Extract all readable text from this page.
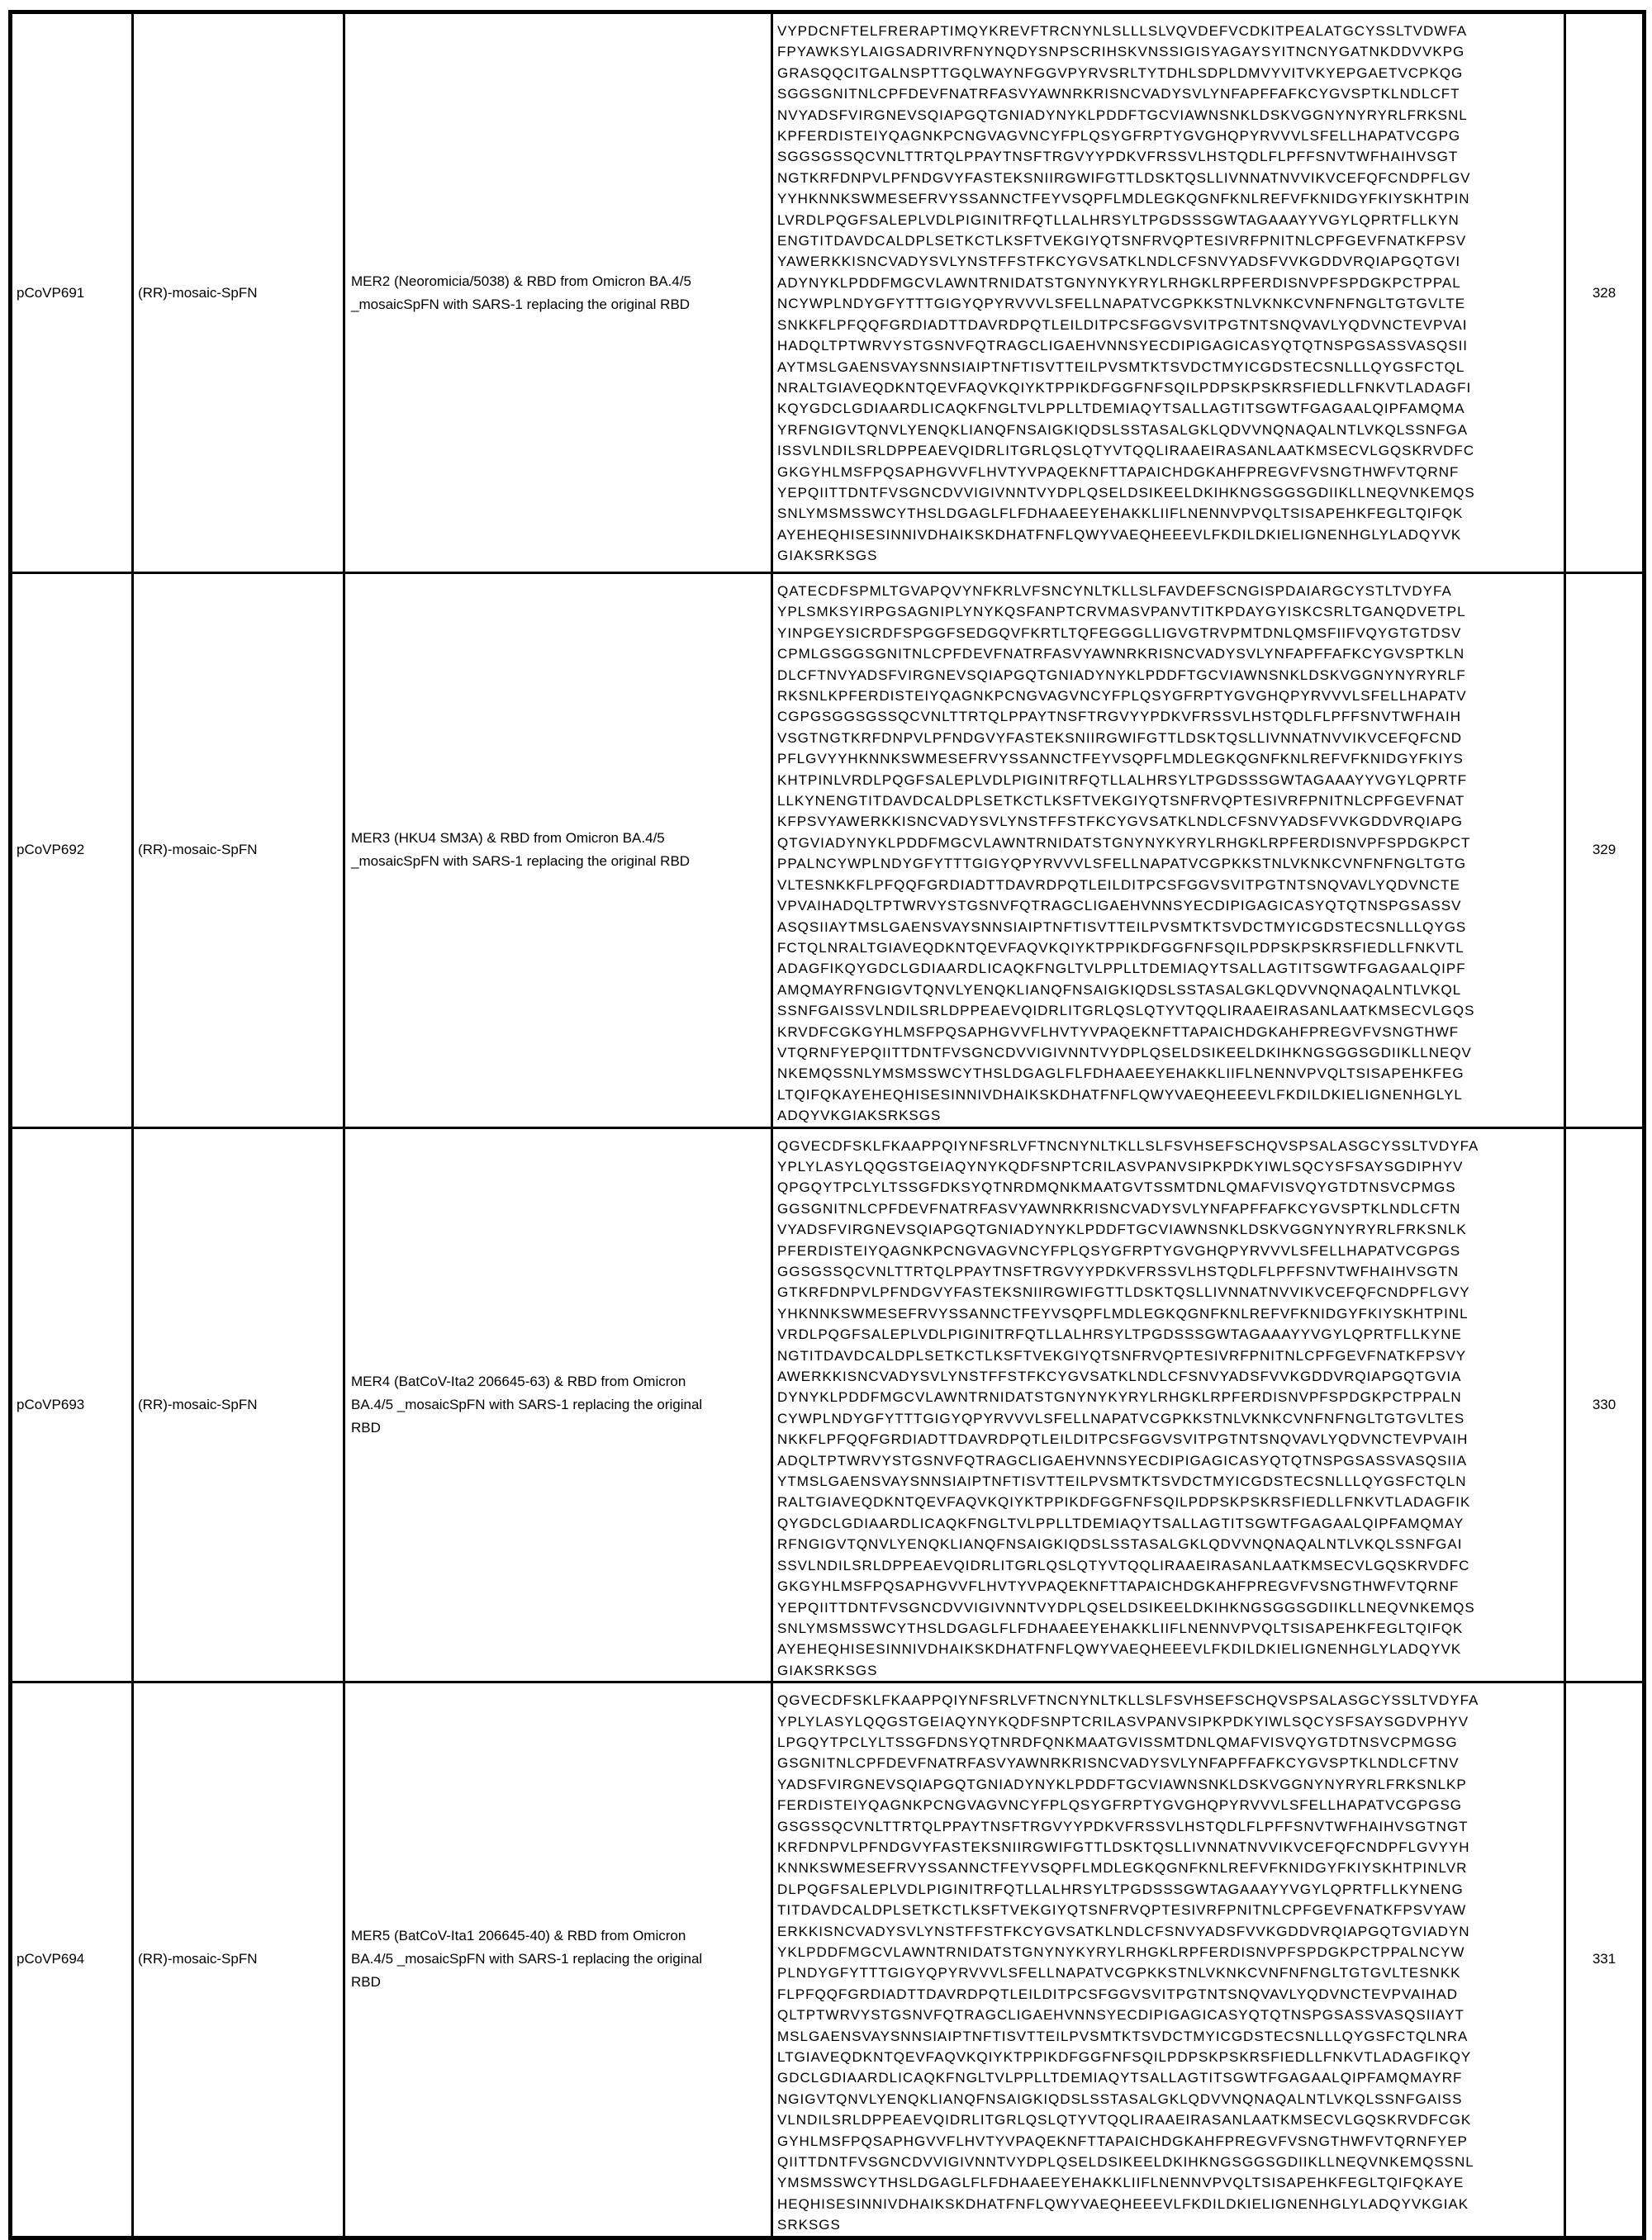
pCoVP691	(RR)-mosaic-SpFN	MER2 (Neoromicia/5038) & RBD from Omicron BA.4/5 _mosaicSpFN with SARS-1 replacing the original RBD	VYPDCNFTELFRERAPTIMQYKREVFTRCNYNLSLLLSLVQVDEFVCDKITPEALATGCYSSLTVDWFA
FPYAWKSYLAIGSADRIVRFNYNQDYSNPSCRIHSKVNSSIGISYAGAYSYITNCNYGATNKDDVVKPG
GRASQQCITGALNSPTTGQLWAYNFGGVPYRVSRLTYTDHLSDPLDMVYVITVKYEPGAETVCPKQG
SGGSGNITNLCPFDEVFNATRFASVYAWNRKRISNCVADYSVLYNFAPFFAFKCYGVSPTKLNDLCFT
NVYADSFVIRGNEVSQIAPGQTGNIADYNYKLPDDFTGCVIAWNSNKLDSKVGGNYNYRYRLFRKSNL
KPFERDISTEIYQAGNKPCNGVAGVNCYFPLQSYGFRPTYGVGHQPYRVVVLSFELLHAPATVCGPG
SGGSGSSQCVNLTTRTQLPPAYTNSFTRGVYYPDKVFRSSVLHSTQDLFLPFFSNVTWFHAIHVSGT
NGTKRFDNPVLPFNDGVYFASTEKSNIIRGWIFGTTLDSKTQSLLIVNNATNVVIKVCEFQFCNDPFLGV
YYHKNNKSWMESEFRVYSSANNCTFEYVSQPFLMDLEGKQGNFKNLREFVFKNIDGYFKIYSKHTPIN
LVRDLPQGFSALEPLVDLPIGINITRFQTLLALHRSYLTPGDSSSGWTAGAAAYYVGYLQPRTFLLKYN
ENGTITDAVDCALDPLSETKCTLKSFTVEKGIYQTSNFRVQPTESIVRFPNITNLCPFGEVFNATKFPSV
YAWERKKISNCVADYSVLYNSTFFSTFKCYGVSATKLNDLCFSNVYADSFVVKGDDVRQIAPGQTGVI
ADYNYKLPDDFMGCVLAWNTRNIDATSTGNYNYKYRYLRHGKLRPFERDISNVPFSPDGKPCTPPAL
NCYWPLNDYGFYTTTGIGYQPYRVVVLSFELLNAPATVCGPKKSTNLVKNKCVNFNFNGLTGTGVLTE
SNKKFLPFQQFGRDIADTTDAVRDPQTLEILDITPCSFGGVSVITPGTNTSNQVAVLYQDVNCTEVPVAI
HADQLTPTWRVYSTGSNVFQTRAGCLIGAEHVNNSYECDIPIGAGICASYQTQTNSPGSASSVASQSII
AYTMSLGAENSVAYSNNSIAIPTNFTISVTTEILPVSMTKTSVDCTMYICGDSTECSNLLLQYGSFCTQL
NRALTGIAVEQDKNTQEVFAQVKQIYKTPPIKDFGGFNFSQILPDPSKPSKRSFIEDLLFNKVTLADAGFI
KQYGDCLGDIAARDLICAQKFNGLTVLPPLLTDEMIAQYTSALLAGTITSGWTFGAGAALQIPFAMQMA
YRFNGIGVTQNVLYENQKLIANQFNSAIGKIQDSLSSTASALGKLQDVVNQNAQALNTLVKQLSSNFGA
ISSVLNDILSRLDPPEAEVQIDRLITGRLQSLQTYVTQQLIRAAEIRASANLAATKMSECVLGQSKRVDFC
GKGYHLMSFPQSAPHGVVFLHVTYVPAQEKNFTTAPAICHDGKAHFPREGVFVSNGTHWFVTQRNF
YEPQIITTDNTFVSGNCDVVIGIVNNTVYDPLQSELDSIKEELDKIHKNGSGGSGDIIKLLNEQVNKEMQS
SNLYMSMSSWCYTHSLDGAGLFLFDHAAEEYEHAKKLIIFLNENNVPVQLTSISAPEHKFEGLTQIFQK
AYEHEQHISESINNIVDHAIKSKDHATFNFLQWYVAEQHEEEVLFKDILDKIELIGNENHGLYLADQYVK
GIAKSRKSGS	328
pCoVP692	(RR)-mosaic-SpFN	MER3 (HKU4 SM3A) & RBD from Omicron BA.4/5 _mosaicSpFN with SARS-1 replacing the original RBD	QATECDFSPMLTGVAPQVYNFKRLVFSNCYNLTKLLSLFAVDEFSCNGISPDAIARGCYSTLTVDYFA
YPLSMKSYIRPGSAGNIPLYNYKQSFANPTCRVMASVPANVTITKPDAYGYISKCSRLTGANQDVETPL
YINPGEYSICRDFSPGGFSEDGQVFKRTLTQFEGGGLLIGVGTRVPMTDNLQMSFIIFVQYGTGTDSV
CPMLGSGGSGNITNLCPFDEVFNATRFASVYAWNRKRISNCVADYSVLYNFAPFFAFKCYGVSPTKLN
DLCFTNVYADSFVIRGNEVSQIAPGQTGNIADYNYKLPDDFTGCVIAWNSNKLDSKVGGNYNYRYRLF
RKSNLKPFERDISTEIYQAGNKPCNGVAGVNCYFPLQSYGFRPTYGVGHQPYRVVVLSFELLHAPATV
CGPGSGGSGSSQCVNLTTRTQLPPAYTNSFTRGVYYPDKVFRSSVLHSTQDLFLPFFSNVTWFHAIH
VSGTNGTKRFDNPVLPFNDGVYFASTEKSNIIRGWIFGTTLDSKTQSLLIVNNATNVVIKVCEFQFCND
PFLGVYYHKNNKSWMESEFRVYSSANNCTFEYVSQPFLMDLEGKQGNFKNLREFVFKNIDGYFKIYS
KHTPINLVRDLPQGFSALEPLVDLPIGINITRFQTLLALHRSYLTPGDSSSGWTAGAAAYYVGYLQPRTF
LLKYNENGTITDAVDCALDPLSETKCTLKSFTVEKGIYQTSNFRVQPTESIVRFPNITNLCPFGEVFNAT
KFPSVYAWERKKISNCVADYSVLYNSTFFSTFKCYGVSATKLNDLCFSNVYADSFVVKGDDVRQIAPG
QTGVIADYNYKLPDDFMGCVLAWNTRNIDATSTGNYNYKYRYLRHGKLRPFERDISNVPFSPDGKPCT
PPALNCYWPLNDYGFYTTTGIGYQPYRVVVLSFELLNAPATVCGPKKSTNLVKNKCVNFNFNGLTGTG
VLTESNKKFLPFQQFGRDIADTTDAVRDPQTLEILDITPCSFGGVSVITPGTNTSNQVAVLYQDVNCTE
VPVAIHADQLTPTWRVYSTGSNVFQTRAGCLIGAEHVNNSYECDIPIGAGICASYQTQTNSPGSASSV
ASQSIIAYTMSLGAENSVAYSNNSIAIPTNFTISVTTEILPVSMTKTSVDCTMYICGDSTECSNLLLQYGS
FCTQLNRALTGIAVEQDKNTQEVFAQVKQIYKTPPIKDFGGFNFSQILPDPSKPSKRSFIEDLLFNKVTL
ADAGFIKQYGDCLGDIAARDLICAQKFNGLTVLPPLLTDEMIAQYTSALLAGTITSGWTFGAGAALQIPF
AMQMAYRFNGIGVTQNVLYENQKLIANQFNSAIGKIQDSLSSTASALGKLQDVVNQNAQALNTLVKQL
SSNFGAISSVLNDILSRLDPPEAEVQIDRLITGRLQSLQTYVTQQLIRAAEIRASANLAATKMSECVLGQS
KRVDFCGKGYHLMSFPQSAPHGVVFLHVTYVPAQEKNFTTAPAICHDGKAHFPREGVFVSNGTHWF
VTQRNFYEPQIITTDNTFVSGNCDVVIGIVNNTVYDPLQSELDSIKEELDKIHKNGSGGSGDIIKLLNEQV
NKEMQSSNLYMSMSSWCYTHSLDGAGLFLFDHAAEEYEHAKKLIIFLNENNVPVQLTSISAPEHKFEG
LTQIFQKAYEHEQHISESINNIVDHAIKSKDHATFNFLQWYVAEQHEEEVLFKDILDKIELIGNENHGLYL
ADQYVKGIAKSRKSGS	329
pCoVP693	(RR)-mosaic-SpFN	MER4 (BatCoV-Ita2 206645-63) & RBD from Omicron BA.4/5 _mosaicSpFN with SARS-1 replacing the original RBD	QGVECDFSKLFKAAPPQIYNFSRLVFTNCNYNLTKLLSLFSVHSEFSCHQVSPSALASGCYSSLTVDYFA
YPLYLASYLQQGSTGEIAQYNYKQDFSNPTCRILASVPANVSIPKPDKYIWLSQCYSFSAYSGDIPHYV
QPGQYTPCLYLTSSGFDKSYQTNRDMQNKMAATGVTSSMTDNLQMAFVISVQYGTDTNSVCPMGS
GGSGNITNLCPFDEVFNATRFASVYAWNRKRISNCVADYSVLYNFAPFFAFKCYGVSPTKLNDLCFTN
VYADSFVIRGNEVSQIAPGQTGNIADYNYKLPDDFTGCVIAWNSNKLDSKVGGNYNYRYRLFRKSNLK
PFERDISTEIYQAGNKPCNGVAGVNCYFPLQSYGFRPTYGVGHQPYRVVVLSFELLHAPATVCGPGS
GGSGSSQCVNLTTRTQLPPAYTNSFTRGVYYPDKVFRSSVLHSTQDLFLPFFSNVTWFHAIHVSGTN
GTKRFDNPVLPFNDGVYFASTEKSNIIRGWIFGTTLDSKTQSLLIVNNATNVVIKVCEFQFCNDPFLGVY
YHKNNKSWMESEFRVYSSANNCTFEYVSQPFLMDLEGKQGNFKNLREFVFKNIDGYFKIYSKHTPINL
VRDLPQGFSALEPLVDLPIGINITRFQTLLALHRSYLTPGDSSSGWTAGAAAYYVGYLQPRTFLLKYNE
NGTITDAVDCALDPLSETKCTLKSFTVEKGIYQTSNFRVQPTESIVRFPNITNLCPFGEVFNATKFPSVY
AWERKKISNCVADYSVLYNSTFFSTFKCYGVSATKLNDLCFSNVYADSFVVKGDDVRQIAPGQTGVIA
DYNYKLPDDFMGCVLAWNTRNIDATSTGNYNYKYRYLRHGKLRPFERDISNVPFSPDGKPCTPPALN
CYWPLNDYGFYTTTGIGYQPYRVVVLSFELLNAPATVCGPKKSTNLVKNKCVNFNFNGLTGTGVLTES
NKKFLPFQQFGRDIADTTDAVRDPQTLEILDITPCSFGGVSVITPGTNTSNQVAVLYQDVNCTEVPVAIH
ADQLTPTWRVYSTGSNVFQTRAGCLIGAEHVNNSYECDIPIGAGICASYQTQTNSPGSASSVASQSIIA
YTMSLGAENSVAYSNNSIAIPTNFTISVTTEILPVSMTKTSVDCTMYICGDSTECSNLLLQYGSFCTQLN
RALTGIAVEQDKNTQEVFAQVKQIYKTPPIKDFGGFNFSQILPDPSKPSKRSFIEDLLFNKVTLADAGFIK
QYGDCLGDIAARDLICAQKFNGLTVLPPLLTDEMIAQYTSALLAGTITSGWTFGAGAALQIPFAMQMAY
RFNGIGVTQNVLYENQKLIANQFNSAIGKIQDSLSSTASALGKLQDVVNQNAQALNTLVKQLSSNFGAI
SSVLNDILSRLDPPEAEVQIDRLITGRLQSLQTYVTQQLIRAAEIRASANLAATKMSECVLGQSKRVDFC
GKGYHLMSFPQSAPHGVVFLHVTYVPAQEKNFTTAPAICHDGKAHFPREGVFVSNGTHWFVTQRNF
YEPQIITTDNTFVSGNCDVVIGIVNNTVYDPLQSELDSIKEELDKIHKNGSGGSGDIIKLLNEQVNKEMQS
SNLYMSMSSWCYTHSLDGAGLFLFDHAAEEYEHAKKLIIFLNENNVPVQLTSISAPEHKFEGLTQIFQK
AYEHEQHISESINNIVDHAIKSKDHATFNFLQWYVAEQHEEEVLFKDILDKIELIGNENHGLYLADQYVK
GIAKSRKSGS	330
pCoVP694	(RR)-mosaic-SpFN	MER5 (BatCoV-Ita1 206645-40) & RBD from Omicron BA.4/5 _mosaicSpFN with SARS-1 replacing the original RBD	QGVECDFSKLFKAAPPQIYNFSRLVFTNCNYNLTKLLSLFSVHSEFSCHQVSPSALASGCYSSLTVDYFA
YPLYLASYLQQGSTGEIAQYNYKQDFSNPTCRILASVPANVSIPKPDKYIWLSQCYSFSAYSGDVPHYV
LPGQYTPCLYLTSSGFDNSYQTNRDFQNKMAATGVISSMTDNLQMAFVISVQYGTDTNSVCPMGSG
GSGNITNLCPFDEVFNATRFASVYAWNRKRISNCVADYSVLYNFAPFFAFKCYGVSPTKLNDLCFTNV
YADSFVIRGNEVSQIAPGQTGNIADYNYKLPDDFTGCVIAWNSNKLDSKVGGNYNYRYRLFRKSNLKP
FERDISTEIYQAGNKPCNGVAGVNCYFPLQSYGFRPTYGVGHQPYRVVVLSFELLHAPATVCGPGSG
GSGSSQCVNLTTRTQLPPAYTNSFTRGVYYPDKVFRSSVLHSTQDLFLPFFSNVTWFHAIHVSGTNGT
KRFDNPVLPFNDGVYFASTEKSNIIRGWIFGTTLDSKTQSLLIVNNATNVVIKVCEFQFCNDPFLGVYYH
KNNKSWMESEFRVYSSANNCTFEYVSQPFLMDLEGKQGNFKNLREFVFKNIDGYFKIYSKHTPINLVR
DLPQGFSALEPLVDLPIGINITRFQTLLALHRSYLTPGDSSSGWTAGAAAYYVGYLQPRTFLLKYNENG
TITDAVDCALDPLSETKCTLKSFTVEKGIYQTSNFRVQPTESIVRFPNITNLCPFGEVFNATKFPSVYAW
ERKKISNCVADYSVLYNSTFFSTFKCYGVSATKLNDLCFSNVYADSFVVKGDDVRQIAPGQTGVIADYN
YKLPDDFMGCVLAWNTRNIDATSTGNYNYKYRYLRHGKLRPFERDISNVPFSPDGKPCTPPALNCYW
PLNDYGFYTTTGIGYQPYRVVVLSFELLNAPATVCGPKKSTNLVKNKCVNFNFNGLTGTGVLTESNKK
FLPFQQFGRDIADTTDAVRDPQTLEILDITPCSFGGVSVITPGTNTSNQVAVLYQDVNCTEVPVAIHAD
QLTPTWRVYSTGSNVFQTRAGCLIGAEHVNNSYECDIPIGAGICASYQTQTNSPGSASSVASQSIIAYT
MSLGAENSVAYSNNSIAIPTNFTISVTTEILPVSMTKTSVDCTMYICGDSTECSNLLLQYGSFCTQLNRA
LTGIAVEQDKNTQEVFAQVKQIYKTPPIKDFGGFNFSQILPDPSKPSKRSFIEDLLFNKVTLADAGFIKQY
GDCLGDIAARDLICAQKFNGLTVLPPLLTDEMIAQYTSALLAGTITSGWTFGAGAALQIPFAMQMAYRF
NGIGVTQNVLYENQKLIANQFNSAIGKIQDSLSSTASALGKLQDVVNQNAQALNTLVKQLSSNFGAISS
VLNDILSRLDPPEAEVQIDRLITGRLQSLQTYVTQQLIRAAEIRASANLAATKMSECVLGQSKRVDFCGK
GYHLMSFPQSAPHGVVFLHVTYVPAQEKNFTTAPAICHDGKAHFPREGVFVSNGTHWFVTQRNFYEP
QIITTDNTFVSGNCDVVIGIVNNTVYDPLQSELDSIKEELDKIHKNGSGGSGDIIKLLNEQVNKEMQSSNL
YMSMSSWCYTHSLDGAGLFLFDHAAEEYEHAKKLIIFLNENNVPVQLTSISAPEHKFEGLTQIFQKAYE
HEQHISESINNIVDHAIKSKDHATFNFLQWYVAEQHEEEVLFKDILDKIELIGNENHGLYLADQYVKGIAK
SRKSGS	331
